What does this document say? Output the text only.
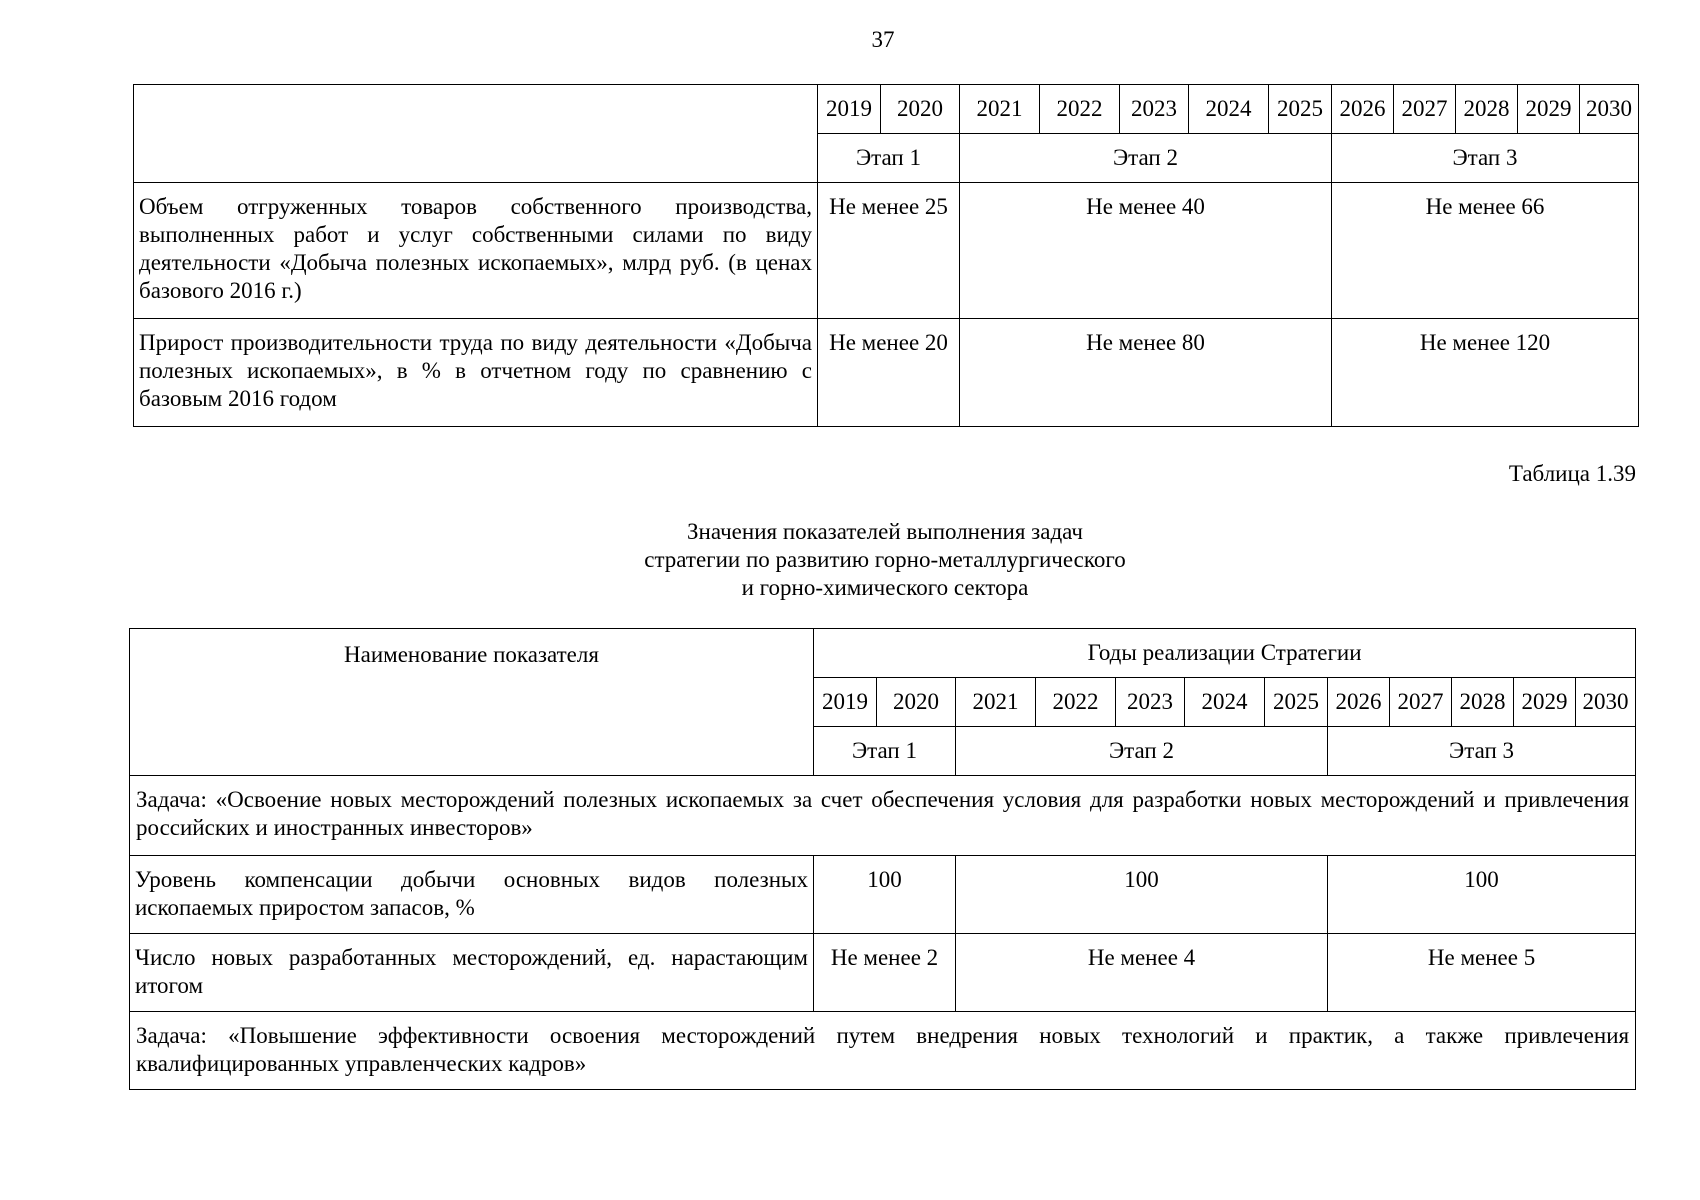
37
	2019	2020	2021	2022	2023	2024	2025	2026	2027	2028	2029	2030
	Этап 1		Этап 2					Этап 3				
Объем отгруженных товаров собственного производства, выполненных работ и услуг собственными силами по виду деятельности «Добыча полезных ископаемых», млрд руб. (в ценах базового 2016 г.)	Не менее 25		Не менее 40					Не менее 66				
Прирост производительности труда по виду деятельности «Добыча полезных ископаемых», в % в отчетном году по сравнению с базовым 2016 годом	Не менее 20		Не менее 80					Не менее 120				
Таблица 1.39
Значения показателей выполнения задач
стратегии по развитию горно-металлургического
и горно-химического сектора
Наименование показателя	Годы реализации Стратегии											
	2019	2020	2021	2022	2023	2024	2025	2026	2027	2028	2029	2030
	Этап 1		Этап 2					Этап 3				
Задача: «Освоение новых месторождений полезных ископаемых за счет обеспечения условия для разработки новых месторождений и привлечения российских и иностранных инвесторов»												
Уровень компенсации добычи основных видов полезных ископаемых приростом запасов, %	100		100					100				
Число новых разработанных месторождений, ед. нарастающим итогом	Не менее 2		Не менее 4					Не менее 5				
Задача: «Повышение эффективности освоения месторождений путем внедрения новых технологий и практик, а также привлечения квалифицированных управленческих кадров»												
